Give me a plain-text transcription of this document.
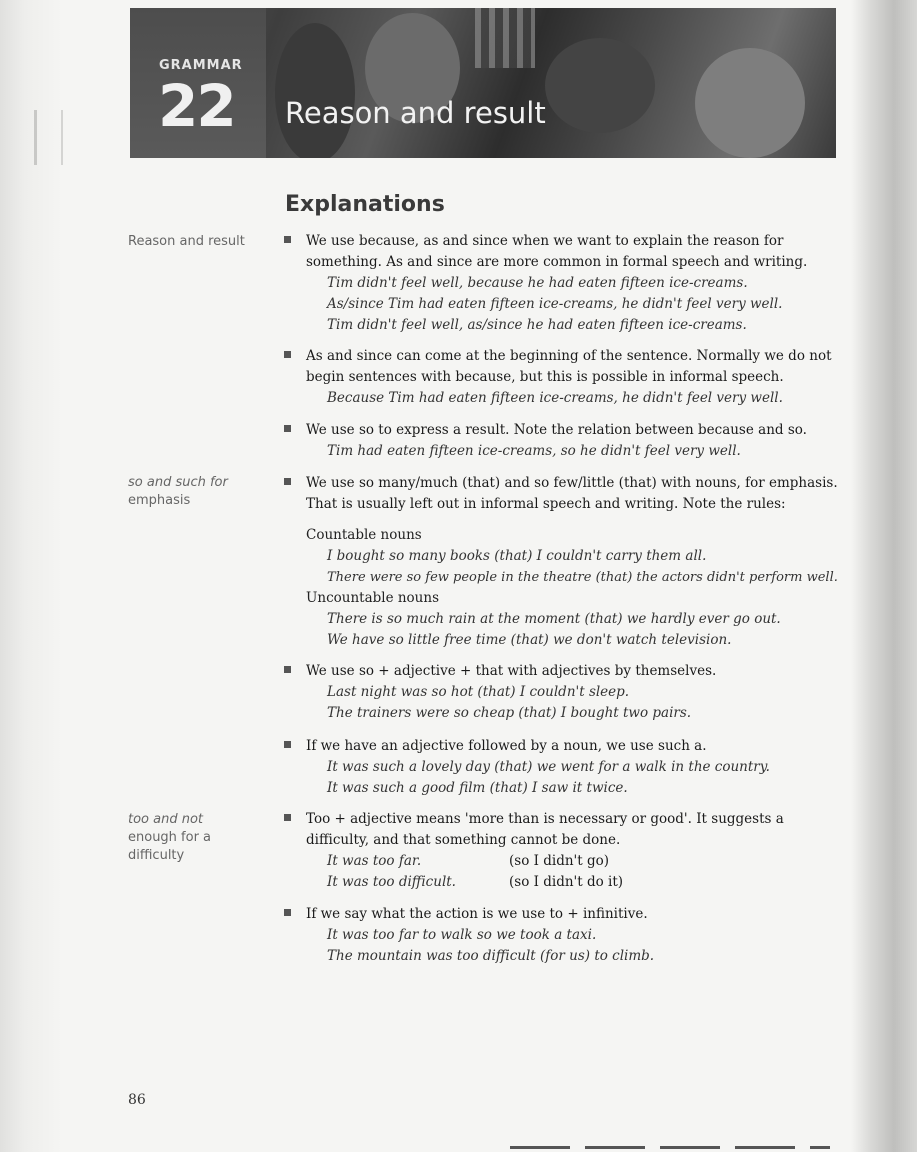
GRAMMAR
22 Reason and result
Explanations
Reason and result
so and such for
emphasis
too and not
enough for a
difficulty
We use because, as and since when we want to explain the reason for
something. As and since are more common in formal speech and writing.
Tim didn't feel well, because he had eaten fifteen ice-creams.
As/since Tim had eaten fifteen ice-creams, he didn't feel very well.
Tim didn't feel well, as/since he had eaten fifteen ice-creams.
As and since can come at the beginning of the sentence. Normally we do not
begin sentences with because, but this is possible in informal speech.
Because Tim had eaten fifteen ice-creams, he didn't feel very well.
We use so to express a result. Note the relation between because and so.
Tim had eaten fifteen ice-creams, so he didn't feel very well.
We use so many/much (that) and so few/little (that) with nouns, for emphasis.
That is usually left out in informal speech and writing. Note the rules:
Countable nouns
I bought so many books (that) I couldn't carry them all.
There were so few people in the theatre (that) the actors didn't perform well.
Uncountable nouns
There is so much rain at the moment (that) we hardly ever go out.
We have so little free time (that) we don't watch television.
We use so + adjective + that with adjectives by themselves.
Last night was so hot (that) I couldn't sleep.
The trainers were so cheap (that) I bought two pairs.
If we have an adjective followed by a noun, we use such a.
It was such a lovely day (that) we went for a walk in the country.
It was such a good film (that) I saw it twice.
Too + adjective means 'more than is necessary or good'. It suggests a
difficulty, and that something cannot be done.
It was too far.	(so I didn't go)
It was too difficult.	(so I didn't do it)
If we say what the action is we use to + infinitive.
It was too far to walk so we took a taxi.
The mountain was too difficult (for us) to climb.
86
